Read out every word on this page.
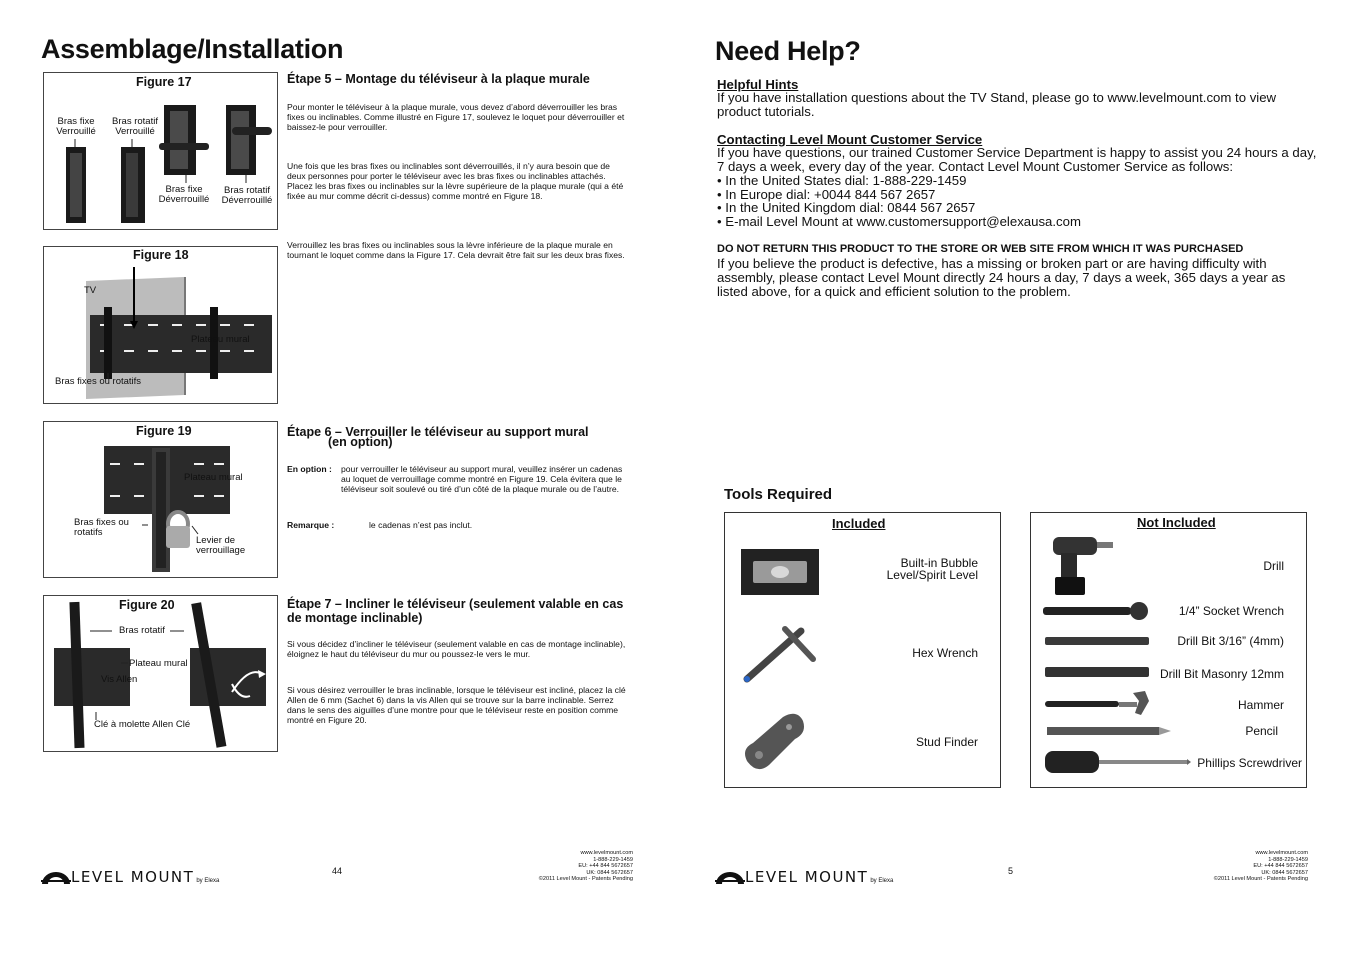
Assemblage/Installation
Figure 17
Bras fixe
Verrouillé
Bras rotatif
Verrouillé
Bras fixe
Déverrouillé
Bras rotatif
Déverrouillé
Figure 18
TV
Plateau mural
Bras fixes ou rotatifs
Figure 19
Plateau mural
Bras fixes ou
rotatifs
Levier de
verrouillage
Figure 20
Bras rotatif
Plateau mural
Vis Allen
Clé à molette Allen Clé
Étape 5 – Montage du téléviseur à la plaque murale
Pour monter le téléviseur à la plaque murale, vous devez d’abord déverrouiller les bras fixes ou inclinables. Comme illustré en Figure 17, soulevez le loquet pour déverrouiller et baissez-le pour verrouiller.
Une fois que les bras fixes ou inclinables sont déverrouillés, il n’y aura besoin que de deux personnes pour porter le téléviseur avec les bras fixes ou inclinables attachés. Placez les bras fixes ou inclinables sur la lèvre supérieure de la plaque murale (qui a été fixée au mur comme décrit ci-dessus) comme montré en Figure 18.
Verrouillez les bras fixes ou inclinables sous la lèvre inférieure de la plaque murale en tournant le loquet comme dans la Figure 17. Cela devrait être fait sur les deux bras fixes.
Étape 6 – Verrouiller le téléviseur au support mural
(en option)
En option : pour verrouiller le téléviseur au support mural, veuillez insérer un cadenas au loquet de verrouillage comme montré en Figure 19. Cela évitera que le téléviseur soit soulevé ou tiré d’un côté de la plaque murale ou de l’autre.
Remarque :	le cadenas n’est pas inclut.
Étape 7 – Incliner le téléviseur (seulement valable en cas de montage inclinable)
Si vous décidez d’incliner le téléviseur (seulement valable en cas de montage inclinable), éloignez le haut du téléviseur du mur ou poussez-le vers le mur.
Si vous désirez verrouiller le bras inclinable, lorsque le téléviseur est incliné, placez la clé Allen de 6 mm (Sachet 6) dans la vis Allen qui se trouve sur la barre inclinable. Serrez dans le sens des aiguilles d’une montre pour que le téléviseur reste en position comme montré en Figure 20.
LEVEL MOUNT by Elexa
44
www.levelmount.com
1-888-229-1459
EU: +44 844 5672657
UK: 0844 5672657
©2011 Level Mount - Patents Pending
Need Help?
Helpful Hints
If you have installation questions about the TV Stand, please go to www.levelmount.com to view product tutorials.
Contacting Level Mount Customer Service
If you have questions, our trained Customer Service Department is happy to assist you 24 hours a day, 7 days a week, every day of the year. Contact Level Mount Customer Service as follows:
• In the United States dial: 1-888-229-1459
• In Europe dial: +0044 844 567 2657
• In the United Kingdom dial: 0844 567 2657
• E-mail Level Mount at www.customersupport@elexausa.com
DO NOT RETURN THIS PRODUCT TO THE STORE OR WEB SITE FROM WHICH IT WAS PURCHASED
If you believe the product is defective, has a missing or broken part or are having difficulty with assembly, please contact Level Mount directly 24 hours a day, 7 days a week, 365 days a year as listed above, for a quick and efficient solution to the problem.
Tools Required
Included
Built-in Bubble
Level/Spirit Level
Hex Wrench
Stud Finder
Not Included
Drill
1/4” Socket Wrench
Drill Bit 3/16” (4mm)
Drill Bit Masonry 12mm
Hammer
Pencil
Phillips Screwdriver
LEVEL MOUNT by Elexa
5
www.levelmount.com
1-888-229-1459
EU: +44 844 5672657
UK: 0844 5672657
©2011 Level Mount - Patents Pending
